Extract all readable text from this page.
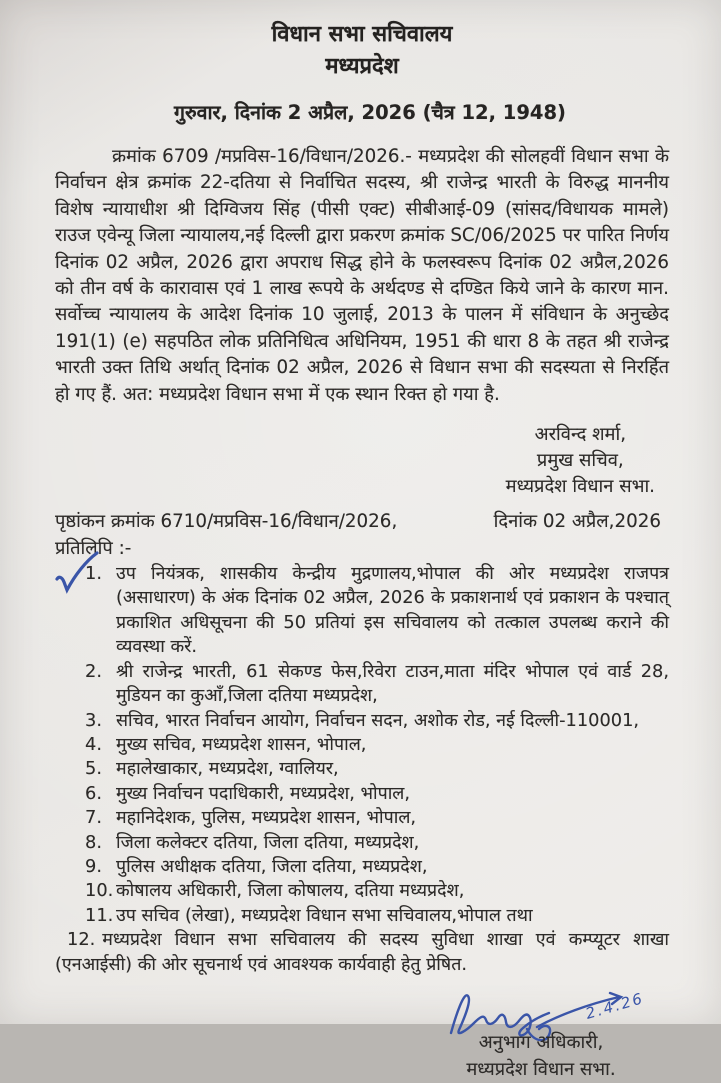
विधान सभा सचिवालय
मध्यप्रदेश
गुरुवार, दिनांक 2 अप्रैल, 2026 (चैत्र 12, 1948)

क्रमांक 6709 /मप्रविस-16/विधान/2026.- मध्यप्रदेश की सोलहवीं विधान सभा के निर्वाचन क्षेत्र क्रमांक 22-दतिया से निर्वाचित सदस्य, श्री राजेन्द्र भारती के विरुद्ध माननीय विशेष न्यायाधीश श्री दिग्विजय सिंह (पीसी एक्ट) सीबीआई-09 (सांसद/विधायक मामले) राउज एवेन्यू जिला न्यायालय,नई दिल्ली द्वारा प्रकरण क्रमांक SC/06/2025 पर पारित निर्णय दिनांक 02 अप्रैल, 2026 द्वारा अपराध सिद्ध होने के फलस्वरूप दिनांक 02 अप्रैल,2026 को तीन वर्ष के कारावास एवं 1 लाख रूपये के अर्थदण्ड से दण्डित किये जाने के कारण मान. सर्वोच्च न्यायालय के आदेश दिनांक 10 जुलाई, 2013 के पालन में संविधान के अनुच्छेद 191(1) (e) सहपठित लोक प्रतिनिधित्व अधिनियम, 1951 की धारा 8 के तहत श्री राजेन्द्र भारती उक्त तिथि अर्थात् दिनांक 02 अप्रैल, 2026 से विधान सभा की सदस्यता से निरर्हित हो गए हैं. अत: मध्यप्रदेश विधान सभा में एक स्थान रिक्त हो गया है.

अरविन्द शर्मा,
प्रमुख सचिव,
मध्यप्रदेश विधान सभा.
पृष्ठांकन क्रमांक 6710/मप्रविस-16/विधान/2026,	दिनांक 02 अप्रैल,2026
प्रतिलिपि :-
1. उप नियंत्रक, शासकीय केन्द्रीय मुद्रणालय,भोपाल की ओर मध्यप्रदेश राजपत्र (असाधारण) के अंक दिनांक 02 अप्रैल, 2026 के प्रकाशनार्थ एवं प्रकाशन के पश्चात् प्रकाशित अधिसूचना की 50 प्रतियां इस सचिवालय को तत्काल उपलब्ध कराने की व्यवस्था करें.
2. श्री राजेन्द्र भारती, 61 सेकण्ड फेस,रिवेरा टाउन,माता मंदिर भोपाल एवं वार्ड 28, मुडियन का कुऑं,जिला दतिया मध्यप्रदेश,
3. सचिव, भारत निर्वाचन आयोग, निर्वाचन सदन, अशोक रोड, नई दिल्ली-110001,
4. मुख्य सचिव, मध्यप्रदेश शासन, भोपाल,
5. महालेखाकार, मध्यप्रदेश, ग्वालियर,
6. मुख्य निर्वाचन पदाधिकारी, मध्यप्रदेश, भोपाल,
7. महानिदेशक, पुलिस, मध्यप्रदेश शासन, भोपाल,
8. जिला कलेक्टर दतिया, जिला दतिया, मध्यप्रदेश,
9. पुलिस अधीक्षक दतिया, जिला दतिया, मध्यप्रदेश,
10. कोषालय अधिकारी, जिला कोषालय, दतिया मध्यप्रदेश,
11. उप सचिव (लेखा), मध्यप्रदेश विधान सभा सचिवालय,भोपाल तथा

12. मध्यप्रदेश विधान सभा सचिवालय की सदस्य सुविधा शाखा एवं कम्प्यूटर शाखा (एनआईसी) की ओर सूचनार्थ एवं आवश्यक कार्यवाही हेतु प्रेषित.

2.4.26
अनुभाग अधिकारी,
मध्यप्रदेश विधान सभा.
